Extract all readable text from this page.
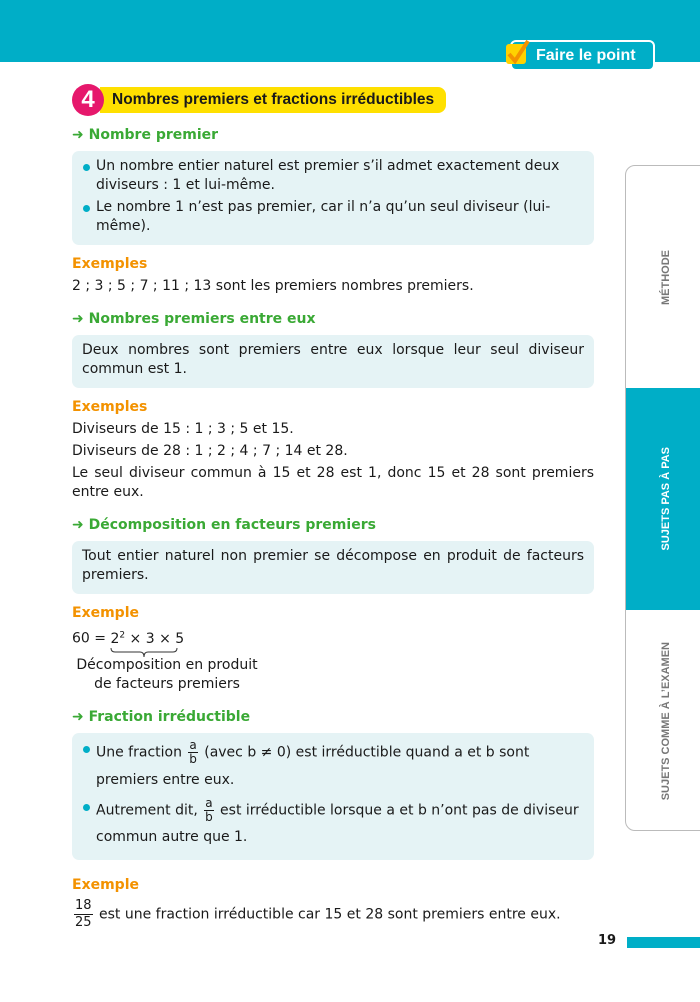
Faire le point
4	Nombres premiers et fractions irréductibles
➜ Nombre premier
Un nombre entier naturel est premier s’il admet exactement deux diviseurs : 1 et lui-même.
Le nombre 1 n’est pas premier, car il n’a qu’un seul diviseur (lui-même).
Exemples

2 ; 3 ; 5 ; 7 ; 11 ; 13 sont les premiers nombres premiers.

➜ Nombres premiers entre eux

Deux nombres sont premiers entre eux lorsque leur seul diviseur commun est 1.

Exemples

Diviseurs de 15 : 1 ; 3 ; 5 et 15.

Diviseurs de 28 : 1 ; 2 ; 4 ; 7 ; 14 et 28.

Le seul diviseur commun à 15 et 28 est 1, donc 15 et 28 sont premiers entre eux.

➜ Décomposition en facteurs premiers

Tout entier naturel non premier se décompose en produit de facteurs premiers.

Exemple
$60 = 2^2 \times 3 \times 5$
Décomposition en produit
de facteurs premiers
➜ Fraction irréductible
Une fraction $\frac{a}{b}$ (avec b ≠ 0) est irréductible quand a et b sont premiers entre eux.
Autrement dit, $\frac{a}{b}$ est irréductible lorsque a et b n’ont pas de diviseur commun autre que 1.
Exemple

$\frac{18}{25}$ est une fraction irréductible car 15 et 28 sont premiers entre eux.

MÉTHODE
SUJETS PAS À PAS
SUJETS COMME À L’EXAMEN
19
